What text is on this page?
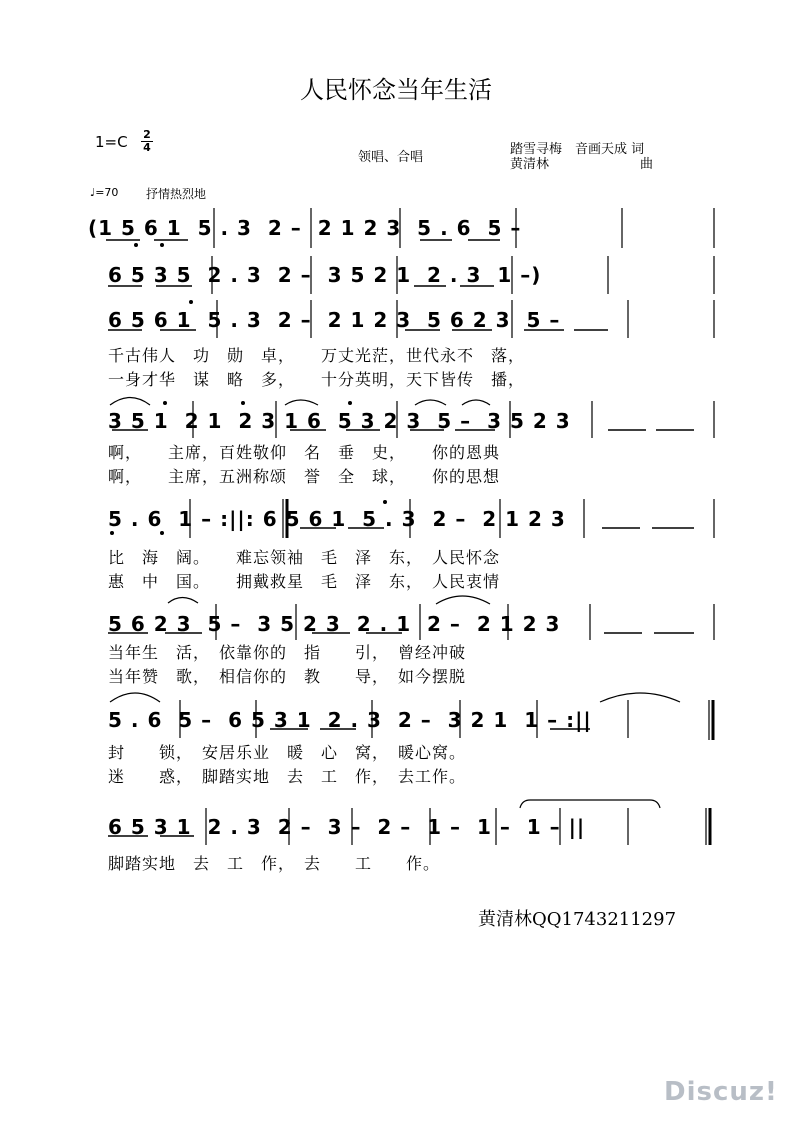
人民怀念当年生活
1=C 2
4
领唱、合唱
踏雪寻梅　音画天成 词
黄清林　　　　　　　曲
♩=70 抒情热烈地
(1 5 6 1  5 . 3  2 –  2 1 2 3  5 . 6  5 –
6 5 3 5  2 . 3  2 –  3 5 2 1  2 . 3  1 –)
6 5 6 1  5 . 3  2 –  2 1 2 3  5 6 2 3  5 –
千古伟人　功　勋　卓，　　万丈光茫，世代永不　落，
一身才华　谋　略　多，　　十分英明，天下皆传　播，
3 5 1  2 1  2 3 1 6  5 3 2 3  5 –  3 5 2 3
啊，　　主席，百姓敬仰　名　垂　史，　　你的恩典
啊，　　主席，五洲称颂　誉　全　球，　　你的思想
5 . 6  1 – :||: 6 5 6 1  5 . 3  2 –  2 1 2 3
比　海　阔。　　难忘领袖　毛　泽　东，　人民怀念
惠　中　国。　　拥戴救星　毛　泽　东，　人民衷情
5 6 2 3  5 –  3 5 2 3  2 . 1  2 –  2 1 2 3
当年生　活，　依靠你的　指　　引，　曾经冲破
当年赞　歌，　相信你的　教　　导，　如今摆脱
5 . 6  5 –  6 5 3 1  2 . 3  2 –  3 2 1  1 – :||
封　　锁，　安居乐业　暖　心　窝，　暖心窝。
迷　　惑，　脚踏实地　去　工　作，　去工作。
6 5 3 1  2 . 3  2 –  3 –  2 –  1 –  1 –  1 – ||
脚踏实地　去　工　作，　去　　工　　作。
黄清林QQ1743211297
Discuz!
